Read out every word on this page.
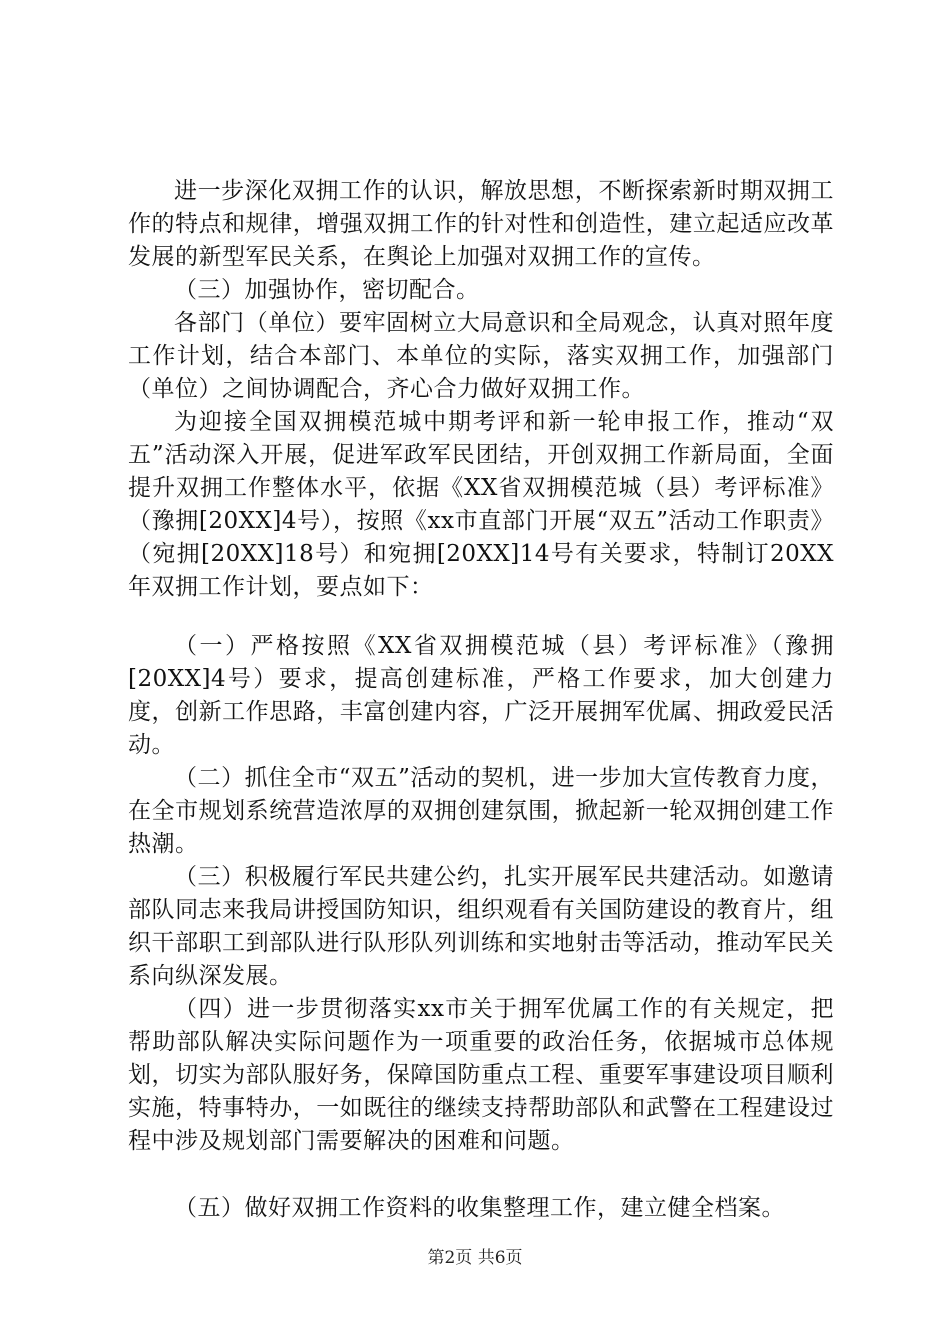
进一步深化双拥工作的认识，解放思想，不断探索新时期双拥工作的特点和规律，增强双拥工作的针对性和创造性，建立起适应改革发展的新型军民关系，在舆论上加强对双拥工作的宣传。

（三）加强协作，密切配合。

各部门（单位）要牢固树立大局意识和全局观念，认真对照年度工作计划，结合本部门、本单位的实际，落实双拥工作，加强部门（单位）之间协调配合，齐心合力做好双拥工作。

为迎接全国双拥模范城中期考评和新一轮申报工作，推动“双五”活动深入开展，促进军政军民团结，开创双拥工作新局面，全面提升双拥工作整体水平，依据《XX省双拥模范城（县）考评标准》（豫拥[20XX]4号），按照《xx市直部门开展“双五”活动工作职责》（宛拥[20XX]18号）和宛拥[20XX]14号有关要求，特制订20XX年双拥工作计划，要点如下：

（一）严格按照《XX省双拥模范城（县）考评标准》（豫拥[20XX]4号）要求，提高创建标准，严格工作要求，加大创建力度，创新工作思路，丰富创建内容，广泛开展拥军优属、拥政爱民活动。

（二）抓住全市“双五”活动的契机，进一步加大宣传教育力度，在全市规划系统营造浓厚的双拥创建氛围，掀起新一轮双拥创建工作热潮。

（三）积极履行军民共建公约，扎实开展军民共建活动。如邀请部队同志来我局讲授国防知识，组织观看有关国防建设的教育片，组织干部职工到部队进行队形队列训练和实地射击等活动，推动军民关系向纵深发展。

（四）进一步贯彻落实xx市关于拥军优属工作的有关规定，把帮助部队解决实际问题作为一项重要的政治任务，依据城市总体规划，切实为部队服好务，保障国防重点工程、重要军事建设项目顺利实施，特事特办，一如既往的继续支持帮助部队和武警在工程建设过程中涉及规划部门需要解决的困难和问题。

（五）做好双拥工作资料的收集整理工作，建立健全档案。

第2页 共6页
